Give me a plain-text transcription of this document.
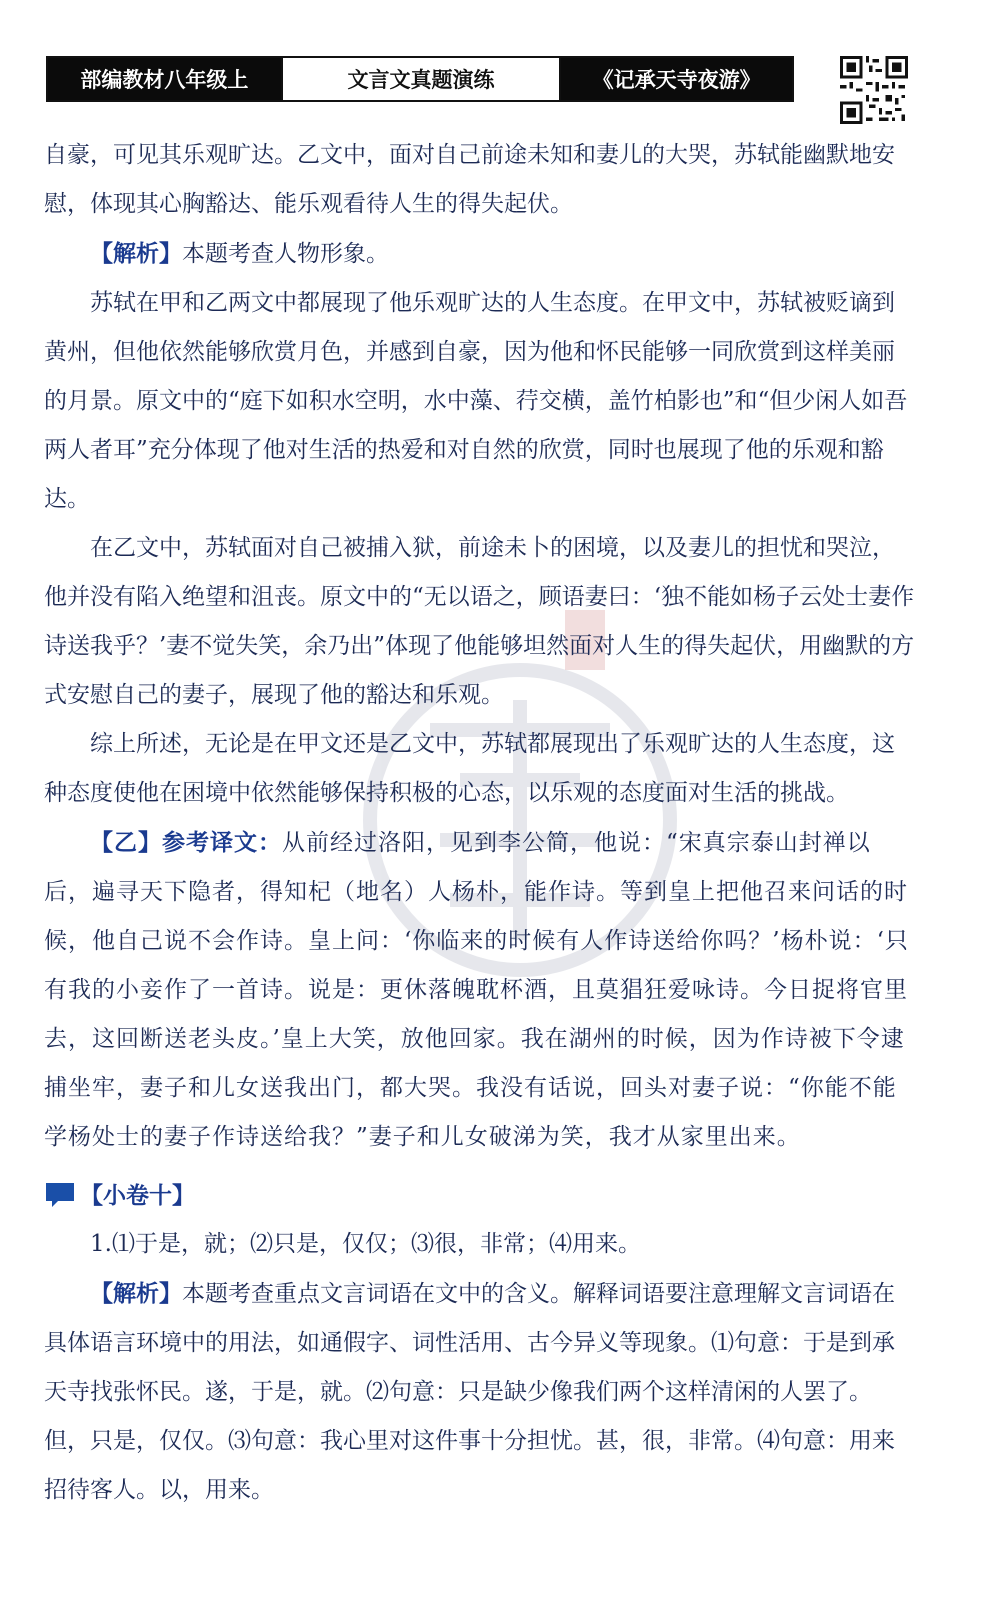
部编教材八年级上	文言文真题演练	《记承天寺夜游》

自豪，可见其乐观旷达。乙文中，面对自己前途未知和妻儿的大哭，苏轼能幽默地安慰，体现其心胸豁达、能乐观看待人生的得失起伏。

【解析】本题考查人物形象。

苏轼在甲和乙两文中都展现了他乐观旷达的人生态度。在甲文中，苏轼被贬谪到黄州，但他依然能够欣赏月色，并感到自豪，因为他和怀民能够一同欣赏到这样美丽的月景。原文中的“庭下如积水空明，水中藻、荇交横，盖竹柏影也”和“但少闲人如吾两人者耳”充分体现了他对生活的热爱和对自然的欣赏，同时也展现了他的乐观和豁达。

在乙文中，苏轼面对自己被捕入狱，前途未卜的困境，以及妻儿的担忧和哭泣，他并没有陷入绝望和沮丧。原文中的“无以语之，顾语妻曰：‘独不能如杨子云处士妻作诗送我乎？’妻不觉失笑，余乃出”体现了他能够坦然面对人生的得失起伏，用幽默的方式安慰自己的妻子，展现了他的豁达和乐观。

综上所述，无论是在甲文还是乙文中，苏轼都展现出了乐观旷达的人生态度，这种态度使他在困境中依然能够保持积极的心态，以乐观的态度面对生活的挑战。

【乙】参考译文：从前经过洛阳，见到李公简，他说：“宋真宗泰山封禅以后，遍寻天下隐者，得知杞（地名）人杨朴，能作诗。等到皇上把他召来问话的时候，他自己说不会作诗。皇上问：‘你临来的时候有人作诗送给你吗？’杨朴说：‘只有我的小妾作了一首诗。说是：更休落魄耽杯酒，且莫猖狂爱咏诗。今日捉将官里去，这回断送老头皮。’皇上大笑，放他回家。我在湖州的时候，因为作诗被下令逮捕坐牢，妻子和儿女送我出门，都大哭。我没有话说，回头对妻子说：“你能不能学杨处士的妻子作诗送给我？”妻子和儿女破涕为笑，我才从家里出来。

【小卷十】

1.⑴于是，就；⑵只是，仅仅；⑶很，非常；⑷用来。

【解析】本题考查重点文言词语在文中的含义。解释词语要注意理解文言词语在具体语言环境中的用法，如通假字、词性活用、古今异义等现象。⑴句意：于是到承天寺找张怀民。遂，于是，就。⑵句意：只是缺少像我们两个这样清闲的人罢了。但，只是，仅仅。⑶句意：我心里对这件事十分担忧。甚，很，非常。⑷句意：用来招待客人。以，用来。
